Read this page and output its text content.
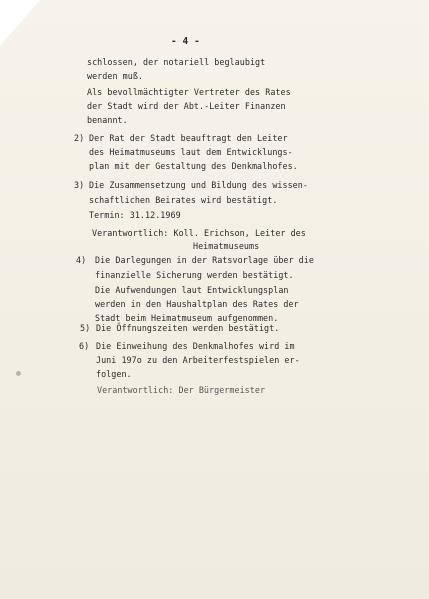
- 4 -
schlossen, der notariell beglaubigt
werden muß.
Als bevollmächtigter Vertreter des Rates
der Stadt wird der Abt.-Leiter Finanzen
benannt.
2) Der Rat der Stadt beauftragt den Leiter
des Heimatmuseums laut dem Entwicklungs-
plan mit der Gestaltung des Denkmalhofes.
3) Die Zusammensetzung und Bildung des wissen-
schaftlichen Beirates wird bestätigt.
Termin: 31.12.1969
Verantwortlich: Koll. Erichson, Leiter des
Heimatmuseums
4) Die Darlegungen in der Ratsvorlage über die
finanzielle Sicherung werden bestätigt.
Die Aufwendungen laut Entwicklungsplan
werden in den Haushaltplan des Rates der
Stadt beim Heimatmuseum aufgenommen.
5) Die Öffnungszeiten werden bestätigt.
6) Die Einweihung des Denkmalhofes wird im
Juni 197o zu den Arbeiterfestspielen er-
folgen.
Verantwortlich: Der Bürgermeister
